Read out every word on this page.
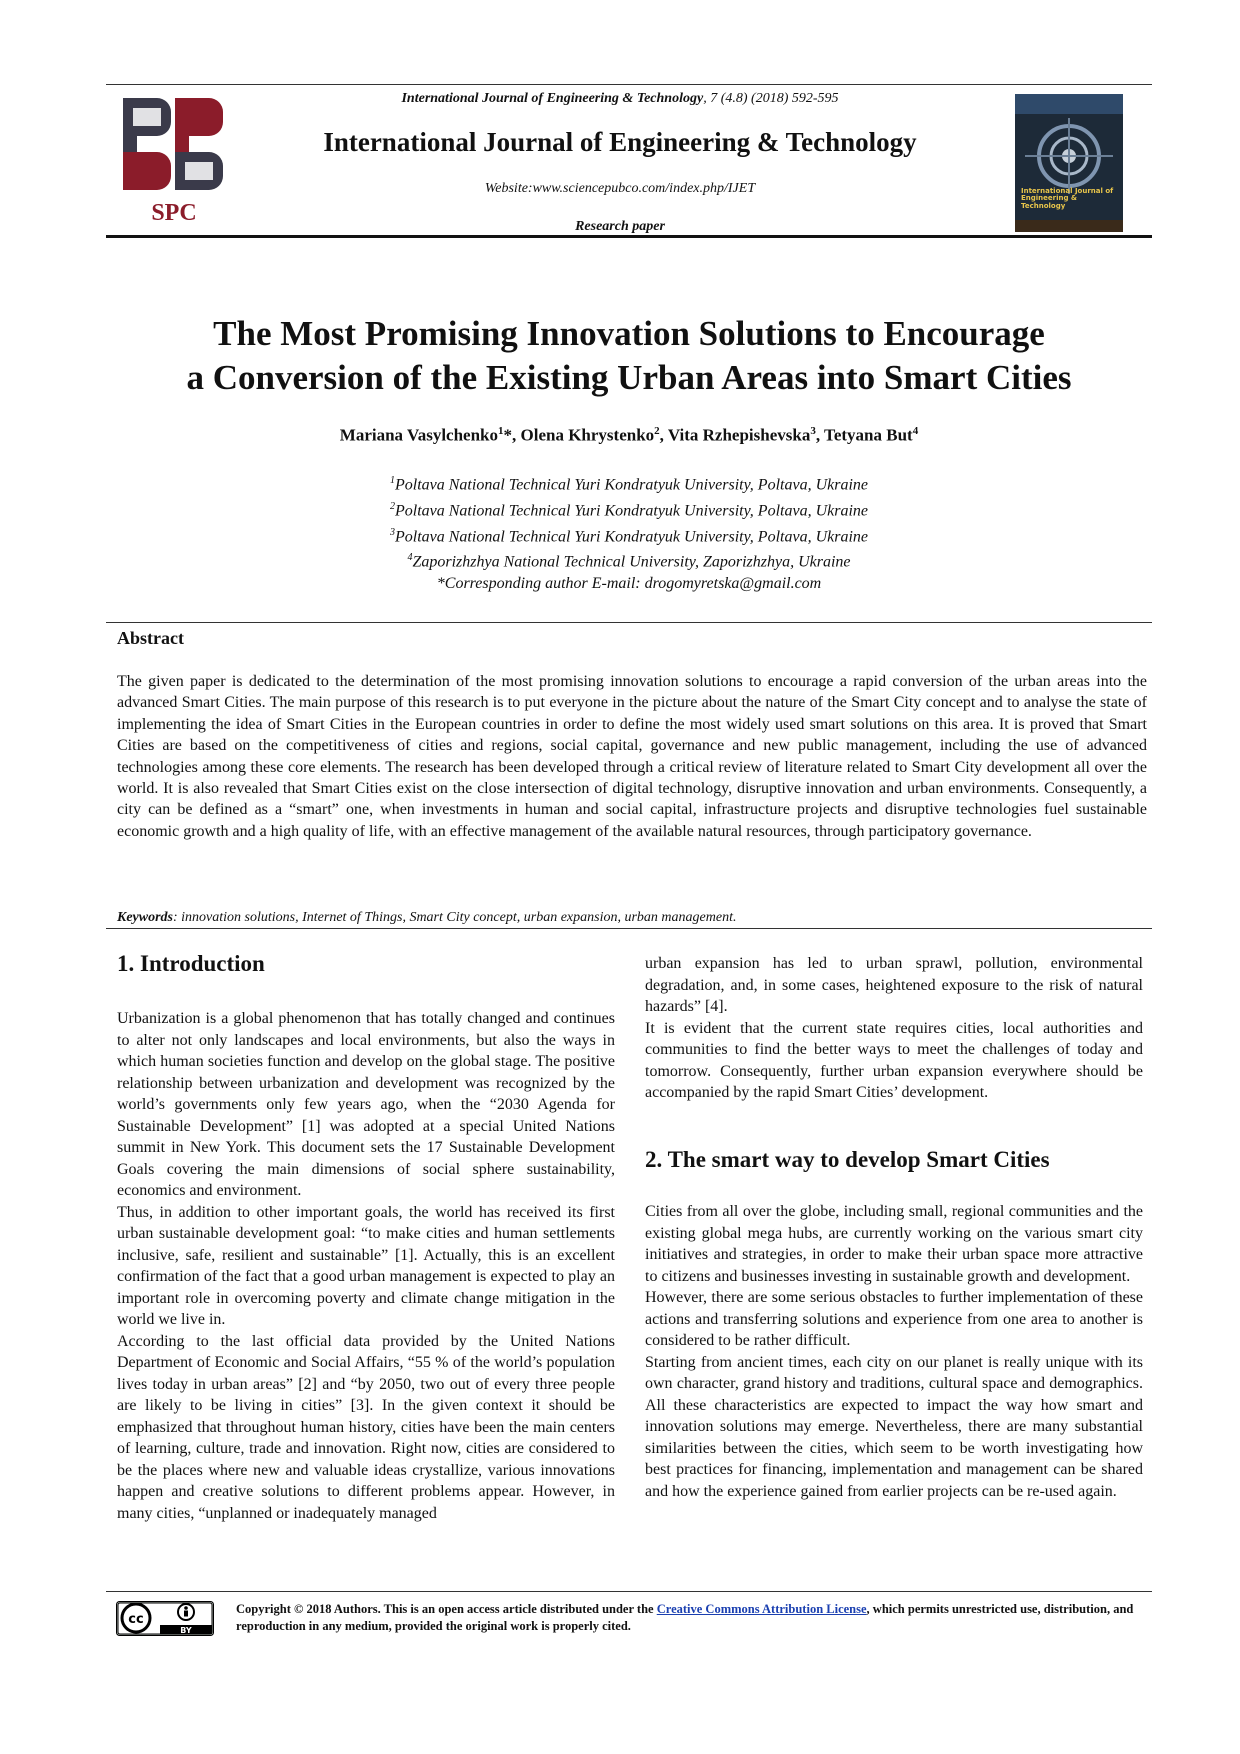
SPC
International Journal of Engineering & Technology, 7 (4.8) (2018) 592-595
International Journal of Engineering & Technology
Website:www.sciencepubco.com/index.php/IJET
Research paper
International Journal of Engineering & Technology
The Most Promising Innovation Solutions to Encourage
a Conversion of the Existing Urban Areas into Smart Cities
Mariana Vasylchenko$^1$*, Olena Khrystenko$^2$, Vita Rzhepishevska$^3$, Tetyana But$^4$
$^1$Poltava National Technical Yuri Kondratyuk University, Poltava, Ukraine
$^2$Poltava National Technical Yuri Kondratyuk University, Poltava, Ukraine
$^3$Poltava National Technical Yuri Kondratyuk University, Poltava, Ukraine
$^4$Zaporizhzhya National Technical University, Zaporizhzhya, Ukraine
*Corresponding author E-mail: drogomyretska@gmail.com
Abstract
The given paper is dedicated to the determination of the most promising innovation solutions to encourage a rapid conversion of the urban areas into the advanced Smart Cities. The main purpose of this research is to put everyone in the picture about the nature of the Smart City concept and to analyse the state of implementing the idea of Smart Cities in the European countries in order to define the most widely used smart solutions on this area. It is proved that Smart Cities are based on the competitiveness of cities and regions, social capital, governance and new public management, including the use of advanced technologies among these core elements. The research has been developed through a critical review of literature related to Smart City development all over the world. It is also revealed that Smart Cities exist on the close intersection of digital technology, disruptive innovation and urban environments. Consequently, a city can be defined as a “smart” one, when investments in human and social capital, infrastructure projects and disruptive technologies fuel sustainable economic growth and a high quality of life, with an effective management of the available natural resources, through participatory governance.
Keywords: innovation solutions, Internet of Things, Smart City concept, urban expansion, urban management.
1. Introduction

Urbanization is a global phenomenon that has totally changed and continues to alter not only landscapes and local environments, but also the ways in which human societies function and develop on the global stage. The positive relationship between urbanization and development was recognized by the world’s governments only few years ago, when the “2030 Agenda for Sustainable Development” [1] was adopted at a special United Nations summit in New York. This document sets the 17 Sustainable Development Goals covering the main dimensions of social sphere sustainability, economics and environment.

Thus, in addition to other important goals, the world has received its first urban sustainable development goal: “to make cities and human settlements inclusive, safe, resilient and sustainable” [1]. Actually, this is an excellent confirmation of the fact that a good urban management is expected to play an important role in overcoming poverty and climate change mitigation in the world we live in.

According to the last official data provided by the United Nations Department of Economic and Social Affairs, “55 % of the world’s population lives today in urban areas” [2] and “by 2050, two out of every three people are likely to be living in cities” [3]. In the given context it should be emphasized that throughout human history, cities have been the main centers of learning, culture, trade and innovation. Right now, cities are considered to be the places where new and valuable ideas crystallize, various innovations happen and creative solutions to different problems appear. However, in many cities, “unplanned or inadequately managed

urban expansion has led to urban sprawl, pollution, environmental degradation, and, in some cases, heightened exposure to the risk of natural hazards” [4].

It is evident that the current state requires cities, local authorities and communities to find the better ways to meet the challenges of today and tomorrow. Consequently, further urban expansion everywhere should be accompanied by the rapid Smart Cities’ development.

2. The smart way to develop Smart Cities

Cities from all over the globe, including small, regional communities and the existing global mega hubs, are currently working on the various smart city initiatives and strategies, in order to make their urban space more attractive to citizens and businesses investing in sustainable growth and development.

However, there are some serious obstacles to further implementation of these actions and transferring solutions and experience from one area to another is considered to be rather difficult.

Starting from ancient times, each city on our planet is really unique with its own character, grand history and traditions, cultural space and demographics. All these characteristics are expected to impact the way how smart and innovation solutions may emerge. Nevertheless, there are many substantial similarities between the cities, which seem to be worth investigating how best practices for financing, implementation and management can be shared and how the experience gained from earlier projects can be re-used again.

cc
BY
Copyright © 2018 Authors. This is an open access article distributed under the Creative Commons Attribution License, which permits unrestricted use, distribution, and reproduction in any medium, provided the original work is properly cited.
